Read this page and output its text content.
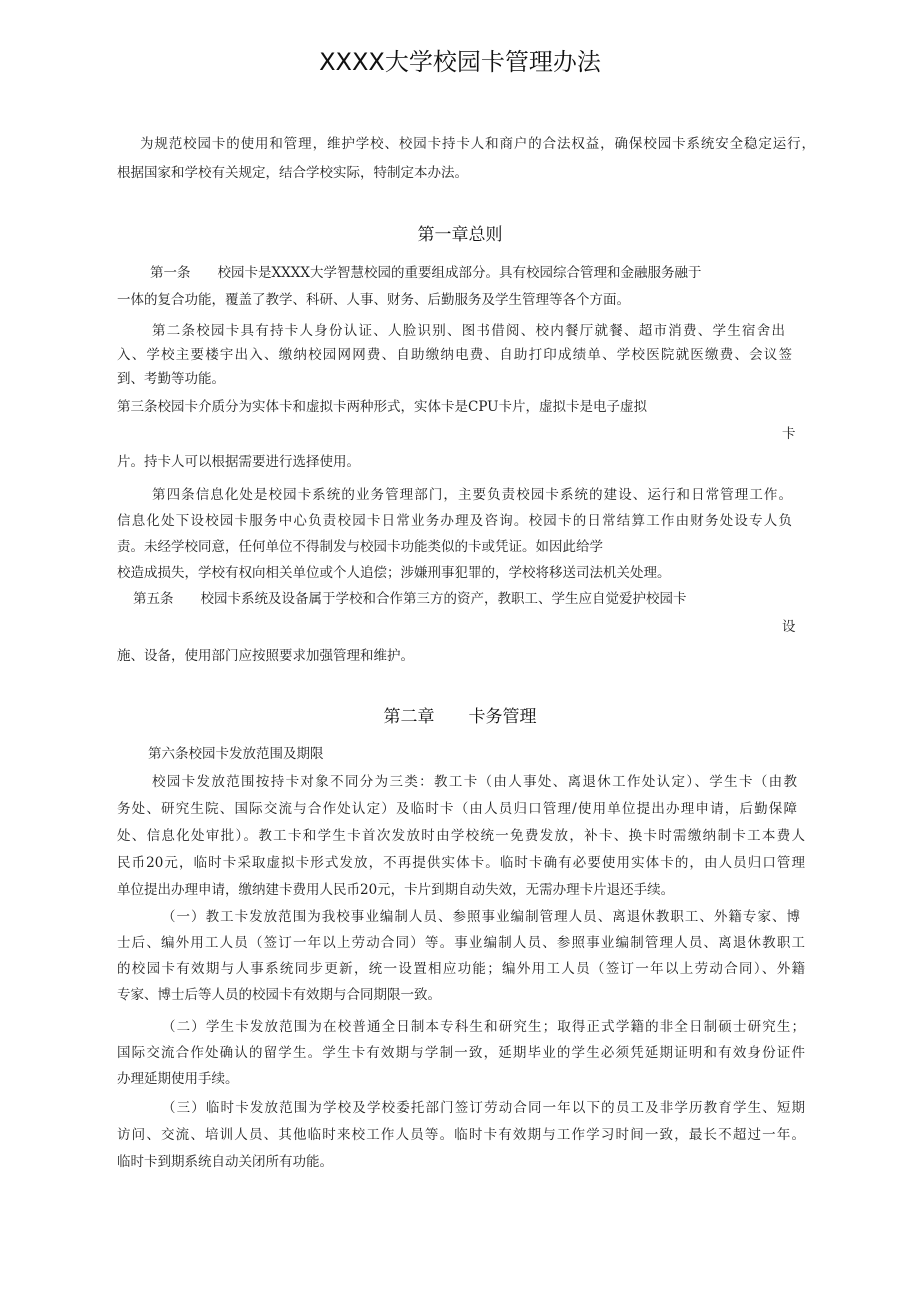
XXXX大学校园卡管理办法
为规范校园卡的使用和管理，维护学校、校园卡持卡人和商户的合法权益，确保校园卡系统安全稳定运行，
根据国家和学校有关规定，结合学校实际，特制定本办法。
第一章总则
第一条　　校园卡是XXXX大学智慧校园的重要组成部分。具有校园综合管理和金融服务融于
一体的复合功能，覆盖了教学、科研、人事、财务、后勤服务及学生管理等各个方面。
第二条校园卡具有持卡人身份认证、人脸识别、图书借阅、校内餐厅就餐、超市消费、学生宿舍出
入、学校主要楼宇出入、缴纳校园网网费、自助缴纳电费、自助打印成绩单、学校医院就医缴费、会议签
到、考勤等功能。
第三条校园卡介质分为实体卡和虚拟卡两种形式，实体卡是CPU卡片，虚拟卡是电子虚拟
卡
片。持卡人可以根据需要进行选择使用。
第四条信息化处是校园卡系统的业务管理部门，主要负责校园卡系统的建设、运行和日常管理工作。
信息化处下设校园卡服务中心负责校园卡日常业务办理及咨询。校园卡的日常结算工作由财务处设专人负
责。未经学校同意，任何单位不得制发与校园卡功能类似的卡或凭证。如因此给学
校造成损失，学校有权向相关单位或个人追偿；涉嫌刑事犯罪的，学校将移送司法机关处理。
第五条　　校园卡系统及设备属于学校和合作第三方的资产，教职工、学生应自觉爱护校园卡
设
施、设备，使用部门应按照要求加强管理和维护。
第二章　　卡务管理
第六条校园卡发放范围及期限
校园卡发放范围按持卡对象不同分为三类：教工卡（由人事处、离退休工作处认定）、学生卡（由教
务处、研究生院、国际交流与合作处认定）及临时卡（由人员归口管理/使用单位提出办理申请，后勤保障
处、信息化处审批）。教工卡和学生卡首次发放时由学校统一免费发放，补卡、换卡时需缴纳制卡工本费人
民币20元，临时卡采取虚拟卡形式发放，不再提供实体卡。临时卡确有必要使用实体卡的，由人员归口管理
单位提出办理申请，缴纳建卡费用人民币20元，卡片到期自动失效，无需办理卡片退还手续。
（一）教工卡发放范围为我校事业编制人员、参照事业编制管理人员、离退休教职工、外籍专家、博
士后、编外用工人员（签订一年以上劳动合同）等。事业编制人员、参照事业编制管理人员、离退休教职工
的校园卡有效期与人事系统同步更新，统一设置相应功能；编外用工人员（签订一年以上劳动合同）、外籍
专家、博士后等人员的校园卡有效期与合同期限一致。
（二）学生卡发放范围为在校普通全日制本专科生和研究生；取得正式学籍的非全日制硕士研究生；
国际交流合作处确认的留学生。学生卡有效期与学制一致，延期毕业的学生必须凭延期证明和有效身份证件
办理延期使用手续。
（三）临时卡发放范围为学校及学校委托部门签订劳动合同一年以下的员工及非学历教育学生、短期
访问、交流、培训人员、其他临时来校工作人员等。临时卡有效期与工作学习时间一致，最长不超过一年。
临时卡到期系统自动关闭所有功能。
